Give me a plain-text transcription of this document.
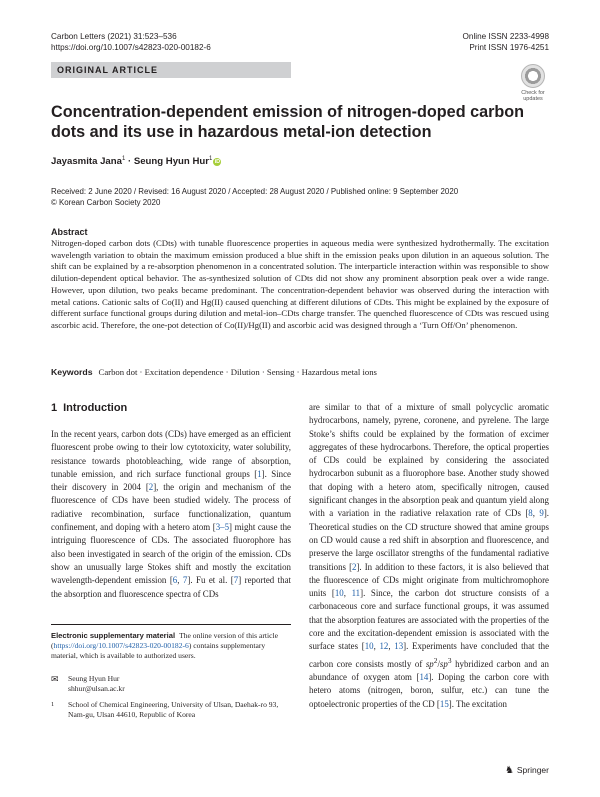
Carbon Letters (2021) 31:523–536
https://doi.org/10.1007/s42823-020-00182-6
Online ISSN 2233-4998
Print ISSN 1976-4251
ORIGINAL ARTICLE
Check for updates
Concentration-dependent emission of nitrogen-doped carbon dots and its use in hazardous metal-ion detection
Jayasmita Jana$^1$ · Seung Hyun Hur$^1$iD
Received: 2 June 2020 / Revised: 16 August 2020 / Accepted: 28 August 2020 / Published online: 9 September 2020
© Korean Carbon Society 2020
Abstract
Nitrogen-doped carbon dots (CDts) with tunable fluorescence properties in aqueous media were synthesized hydrothermally. The excitation wavelength variation to obtain the maximum emission produced a blue shift in the emission peaks upon dilution in an aqueous solution. The shift can be explained by a re-absorption phenomenon in a concentrated solution. The interparticle interaction within was responsible to show dilution-dependent optical behavior. The as-synthesized solution of CDts did not show any prominent absorption peak over a wide range. However, upon dilution, two peaks became predominant. The concentration-dependent behavior was observed during the interaction with metal cations. Cationic salts of Co(II) and Hg(II) caused quenching at different dilutions of CDts. This might be explained by the exposure of different surface functional groups during dilution and metal-ion–CDts charge transfer. The quenched fluorescence of CDts was rescued using ascorbic acid. Therefore, the one-pot detection of Co(II)/Hg(II) and ascorbic acid was designed through a ‘Turn Off/On’ phenomenon.
Keywords Carbon dot · Excitation dependence · Dilution · Sensing · Hazardous metal ions
1 Introduction

In the recent years, carbon dots (CDs) have emerged as an efficient fluorescent probe owing to their low cytotoxicity, water solubility, resistance towards photobleaching, wide range of absorption, tunable emission, and rich surface functional groups [1]. Since their discovery in 2004 [2], the origin and mechanism of the fluorescence of CDs have been studied widely. The process of radiative recombination, surface functionalization, quantum confinement, and doping with a hetero atom [3–5] might cause the intriguing fluorescence of CDs. The associated fluorophore has also been investigated in search of the origin of the emission. CDs show an unusually large Stokes shift and mostly the excitation wavelength-dependent emission [6, 7]. Fu et al. [7] reported that the absorption and fluorescence spectra of CDs

are similar to that of a mixture of small polycyclic aromatic hydrocarbons, namely, pyrene, coronene, and pyrelene. The large Stoke’s shifts could be explained by the formation of excimer aggregates of these hydrocarbons. Therefore, the optical properties of CDs could be explained by considering the associated hydrocarbon subunit as a fluorophore base. Another study showed that doping with a hetero atom, specifically nitrogen, caused significant changes in the absorption peak and quantum yield along with a variation in the radiative relaxation rate of CDs [8, 9]. Theoretical studies on the CD structure showed that amine groups on CD would cause a red shift in absorption and fluorescence, and preserve the large oscillator strengths of the fundamental radiative transitions [2]. In addition to these factors, it is also believed that the fluorescence of CDs might originate from multichromophore units [10, 11]. Since, the carbon dot structure consists of a carbonaceous core and surface functional groups, it was assumed that the absorption features are associated with the properties of the core and the excitation-dependent emission is associated with the surface states [10, 12, 13]. Experiments have concluded that the carbon core consists mostly of $sp^2/sp^3$ hybridized carbon and an abundance of oxygen atom [14]. Doping the carbon core with hetero atoms (nitrogen, boron, sulfur, etc.) can tune the optoelectronic properties of the CD [15]. The excitation

Electronic supplementary material The online version of this article (https://doi.org/10.1007/s42823-020-00182-6) contains supplementary material, which is available to authorized users.
✉ Seung Hyun Hur
shhur@ulsan.ac.kr
1 School of Chemical Engineering, University of Ulsan, Daehak-ro 93, Nam-gu, Ulsan 44610, Republic of Korea
♞ Springer
